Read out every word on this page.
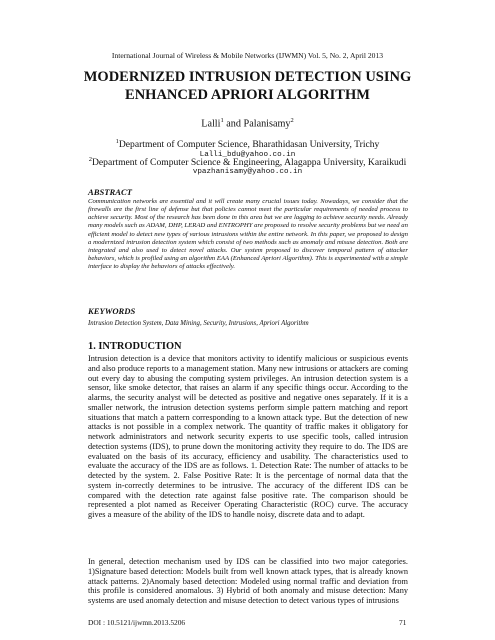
International Journal of Wireless & Mobile Networks (IJWMN) Vol. 5, No. 2, April 2013
MODERNIZED INTRUSION DETECTION USING
ENHANCED APRIORI ALGORITHM
Lalli$^1$ and Palanisamy$^2$
$^1$Department of Computer Science, Bharathidasan University, Trichy
Lalli_bdu@yahoo.co.in
$^2$Department of Computer Science & Engineering, Alagappa University, Karaikudi
vpazhanisamy@yahoo.co.in
ABSTRACT
Communication networks are essential and it will create many crucial issues today. Nowadays, we consider that the firewalls are the first line of defense but that policies cannot meet the particular requirements of needed process to achieve security. Most of the research has been done in this area but we are lagging to achieve security needs. Already many models such as ADAM, DHP, LERAD and ENTROPHY are proposed to resolve security problems but we need an efficient model to detect new types of various intrusions within the entire network. In this paper, we proposed to design a modernized intrusion detection system which consist of two methods such as anomaly and misuse detection. Both are integrated and also used to detect novel attacks. Our system proposed to discover temporal pattern of attacker behaviors, which is profiled using an algorithm EAA (Enhanced Apriori Algorithm). This is experimented with a simple interface to display the behaviors of attacks effectively.
KEYWORDS
Intrusion Detection System, Data Mining, Security, Intrusions, Apriori Algorithm
1. INTRODUCTION
Intrusion detection is a device that monitors activity to identify malicious or suspicious events and also produce reports to a management station. Many new intrusions or attackers are coming out every day to abusing the computing system privileges. An intrusion detection system is a sensor, like smoke detector, that raises an alarm if any specific things occur. According to the alarms, the security analyst will be detected as positive and negative ones separately. If it is a smaller network, the intrusion detection systems perform simple pattern matching and report situations that match a pattern corresponding to a known attack type. But the detection of new attacks is not possible in a complex network. The quantity of traffic makes it obligatory for network administrators and network security experts to use specific tools, called intrusion detection systems (IDS), to prune down the monitoring activity they require to do. The IDS are evaluated on the basis of its accuracy, efficiency and usability. The characteristics used to evaluate the accuracy of the IDS are as follows. 1. Detection Rate: The number of attacks to be detected by the system. 2. False Positive Rate: It is the percentage of normal data that the system in-correctly determines to be intrusive. The accuracy of the different IDS can be compared with the detection rate against false positive rate. The comparison should be represented a plot named as Receiver Operating Characteristic (ROC) curve. The accuracy gives a measure of the ability of the IDS to handle noisy, discrete data and to adapt.
In general, detection mechanism used by IDS can be classified into two major categories. 1)Signature based detection: Models built from well known attack types, that is already known attack patterns. 2)Anomaly based detection: Modeled using normal traffic and deviation from this profile is considered anomalous. 3) Hybrid of both anomaly and misuse detection: Many systems are used anomaly detection and misuse detection to detect various types of intrusions
DOI : 10.5121/ijwmn.2013.5206	71
